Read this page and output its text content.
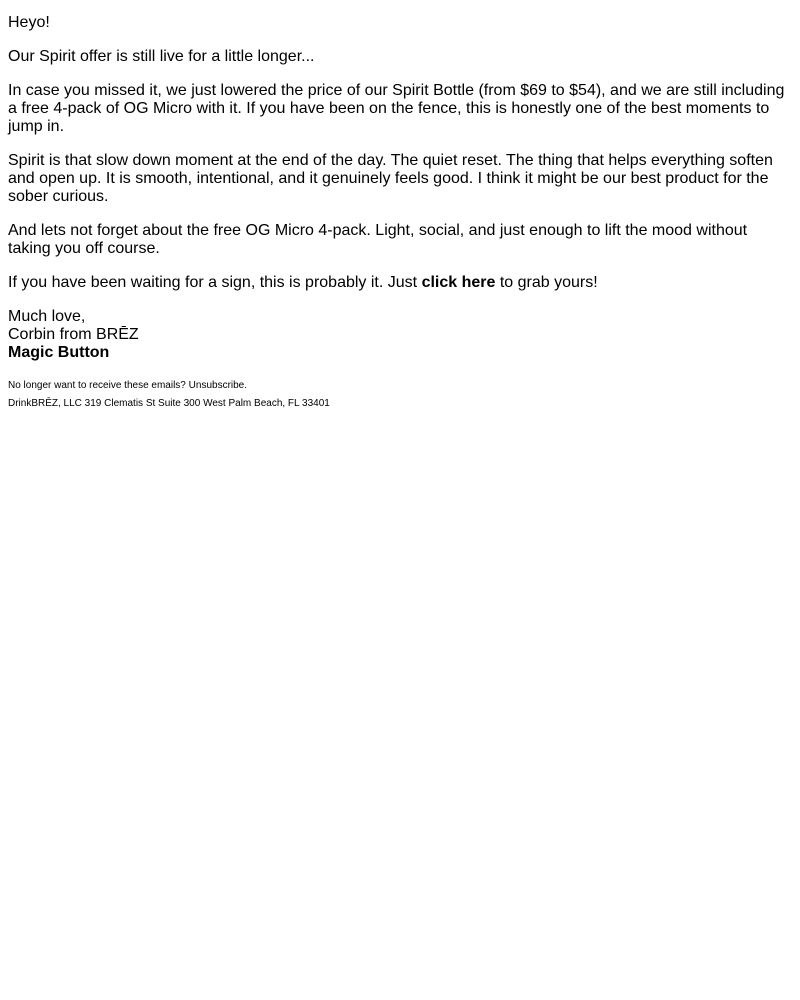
Heyo!

Our Spirit offer is still live for a little longer...

In case you missed it, we just lowered the price of our Spirit Bottle (from $69 to $54), and we are still including a free 4-pack of OG Micro with it. If you have been on the fence, this is honestly one of the best moments to jump in.

Spirit is that slow down moment at the end of the day. The quiet reset. The thing that helps everything soften and open up. It is smooth, intentional, and it genuinely feels good. I think it might be our best product for the sober curious.

And lets not forget about the free OG Micro 4-pack. Light, social, and just enough to lift the mood without taking you off course.

If you have been waiting for a sign, this is probably it. Just click here to grab yours!

Much love,
Corbin from BRĒZ
Magic Button
No longer want to receive these emails? Unsubscribe.
DrinkBRĒZ, LLC 319 Clematis St Suite 300 West Palm Beach, FL 33401
